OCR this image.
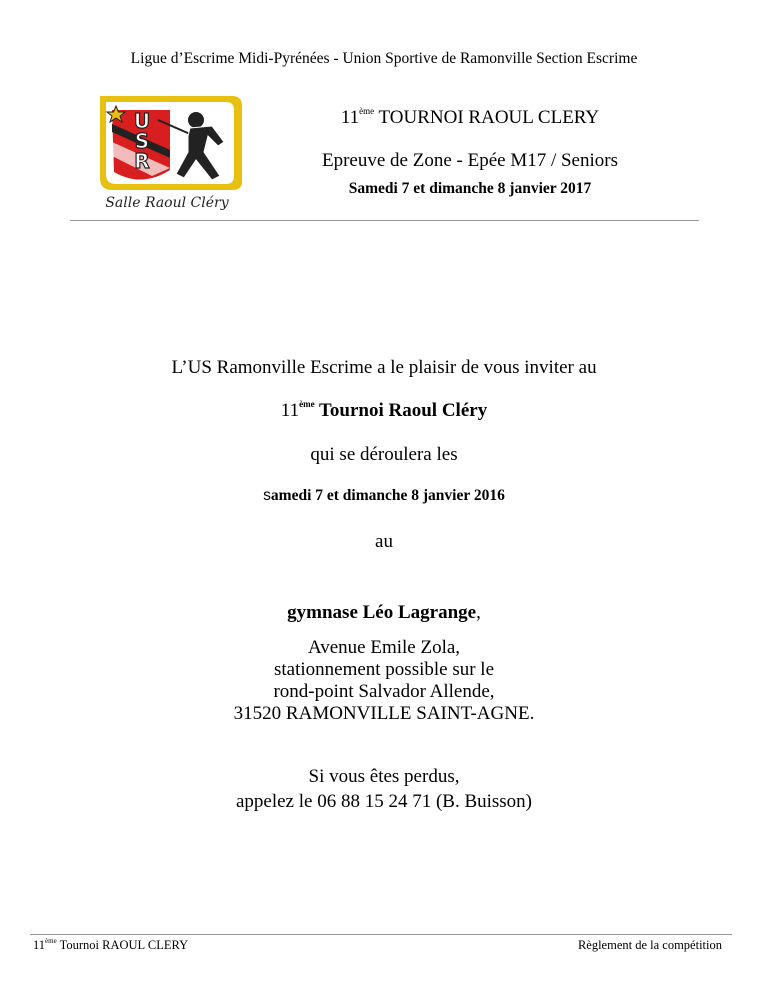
Ligue d’Escrime Midi-Pyrénées - Union Sportive de Ramonville Section Escrime
U
S
R
Salle Raoul Cléry
11ème TOURNOI RAOUL CLERY
Epreuve de Zone - Epée M17 / Seniors
Samedi 7 et dimanche 8 janvier 2017
L’US Ramonville Escrime a le plaisir de vous inviter au
11ème Tournoi Raoul Cléry
qui se déroulera les
samedi 7 et dimanche 8 janvier 2016
au
gymnase Léo Lagrange,
Avenue Emile Zola,
stationnement possible sur le
rond-point Salvador Allende,
31520 RAMONVILLE SAINT-AGNE.
Si vous êtes perdus,
appelez le 06 88 15 24 71 (B. Buisson)
11ème Tournoi RAOUL CLERY	Règlement de la compétition
